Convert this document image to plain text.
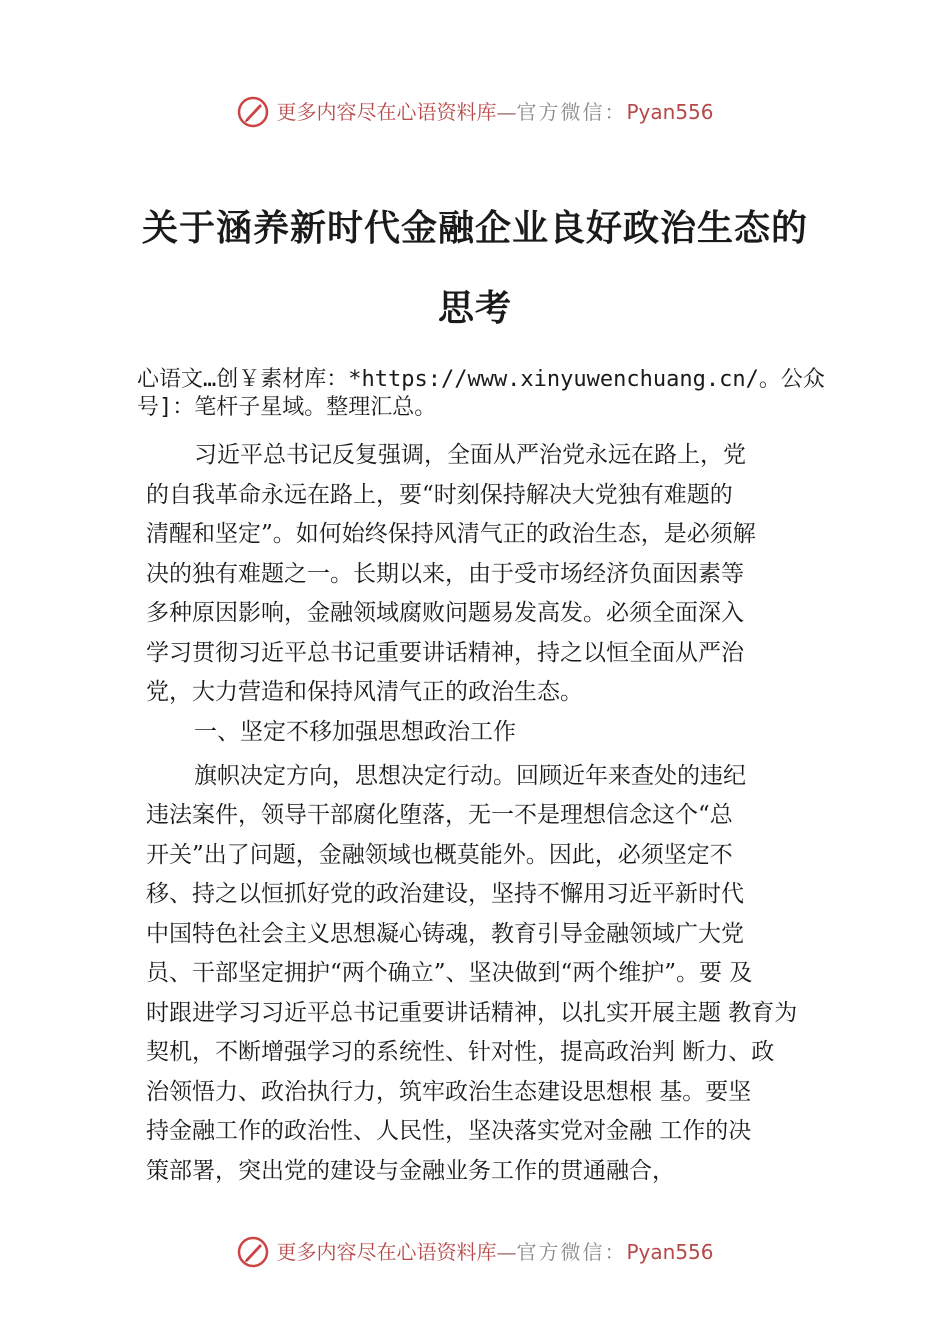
更多内容尽在心语资料库—官方微信：Pyan556
关于涵养新时代金融企业良好政治生态的
思考
心语文…创￥素材库：*https://www.xinyuwenchuang.cn/。公众号]：笔杆子星域。整理汇总。
习近平总书记反复强调，全面从严治党永远在路上，党
的自我革命永远在路上，要“时刻保持解决大党独有难题的
清醒和坚定”。如何始终保持风清气正的政治生态，是必须解
决的独有难题之一。长期以来，由于受市场经济负面因素等
多种原因影响，金融领域腐败问题易发高发。必须全面深入
学习贯彻习近平总书记重要讲话精神，持之以恒全面从严治
党，大力营造和保持风清气正的政治生态。
一、坚定不移加强思想政治工作
旗帜决定方向，思想决定行动。回顾近年来查处的违纪
违法案件，领导干部腐化堕落，无一不是理想信念这个“总
开关”出了问题，金融领域也概莫能外。因此，必须坚定不
移、持之以恒抓好党的政治建设，坚持不懈用习近平新时代
中国特色社会主义思想凝心铸魂，教育引导金融领域广大党
员、干部坚定拥护“两个确立”、坚决做到“两个维护”。要 及
时跟进学习习近平总书记重要讲话精神，以扎实开展主题 教育为
契机，不断增强学习的系统性、针对性，提高政治判 断力、政
治领悟力、政治执行力，筑牢政治生态建设思想根 基。要坚
持金融工作的政治性、人民性，坚决落实党对金融 工作的决
策部署，突出党的建设与金融业务工作的贯通融合，
更多内容尽在心语资料库—官方微信：Pyan556
